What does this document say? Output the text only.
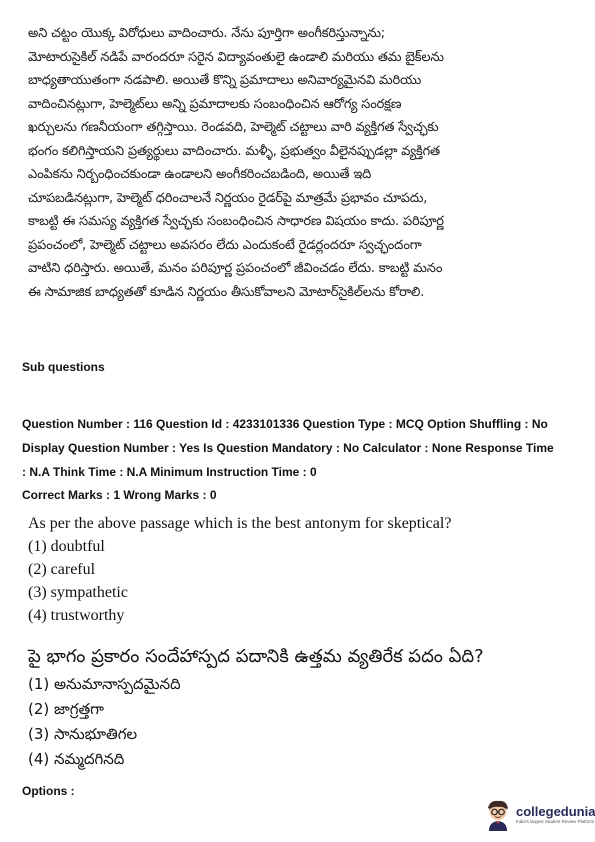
అని చట్టం యొక్క విరోధులు వాదించారు. నేను పూర్తిగా అంగీకరిస్తున్నాను;
మోటారుసైకిల్ నడిపే వారందరూ సరైన విద్యావంతులై ఉండాలి మరియు తమ బైక్‌లను
బాధ్యతాయుతంగా నడపాలి. అయితే కొన్ని ప్రమాదాలు అనివార్యమైనవి మరియు
వాదించినట్లుగా, హెల్మెట్‌లు అన్ని ప్రమాదాలకు సంబంధించిన ఆరోగ్య సంరక్షణ
ఖర్చులను గణనీయంగా తగ్గిస్తాయి. రెండవది, హెల్మెట్ చట్టాలు వారి వ్యక్తిగత స్వేచ్ఛకు
భంగం కలిగిస్తాయని ప్రత్యర్థులు వాదించారు. మళ్ళీ, ప్రభుత్వం వీలైనప్పుడల్లా వ్యక్తిగత
ఎంపికను నిర్బంధించకుండా ఉండాలని అంగీకరించబడింది, అయితే ఇది
చూపబడినట్లుగా, హెల్మెట్ ధరించాలనే నిర్ణయం రైడర్‌పై మాత్రమే ప్రభావం చూపదు,
కాబట్టి ఈ సమస్య వ్యక్తిగత స్వేచ్ఛకు సంబంధించిన సాధారణ విషయం కాదు. పరిపూర్ణ
ప్రపంచంలో, హెల్మెట్ చట్టాలు అవసరం లేదు ఎందుకంటే రైడర్లందరూ స్వచ్ఛందంగా
వాటిని ధరిస్తారు. అయితే, మనం పరిపూర్ణ ప్రపంచంలో జీవించడం లేదు. కాబట్టి మనం
ఈ సామాజిక బాధ్యతతో కూడిన నిర్ణయం తీసుకోవాలని మోటార్‌సైకిల్‌లను కోరాలి.
Sub questions
Question Number : 116 Question Id : 4233101336 Question Type : MCQ Option Shuffling : No
Display Question Number : Yes Is Question Mandatory : No Calculator : None Response Time
: N.A Think Time : N.A Minimum Instruction Time : 0
Correct Marks : 1 Wrong Marks : 0
As per the above passage which is the best antonym for skeptical?
(1) doubtful
(2) careful
(3) sympathetic
(4) trustworthy
పై భాగం ప్రకారం సందేహాస్పద పదానికి ఉత్తమ వ్యతిరేక పదం ఏది?
(1) అనుమానాస్పదమైనది
(2) జాగ్రత్తగా
(3) సానుభూతిగల
(4) నమ్మదగినది
Options :
collegedunia
India's largest Student Review Platform
